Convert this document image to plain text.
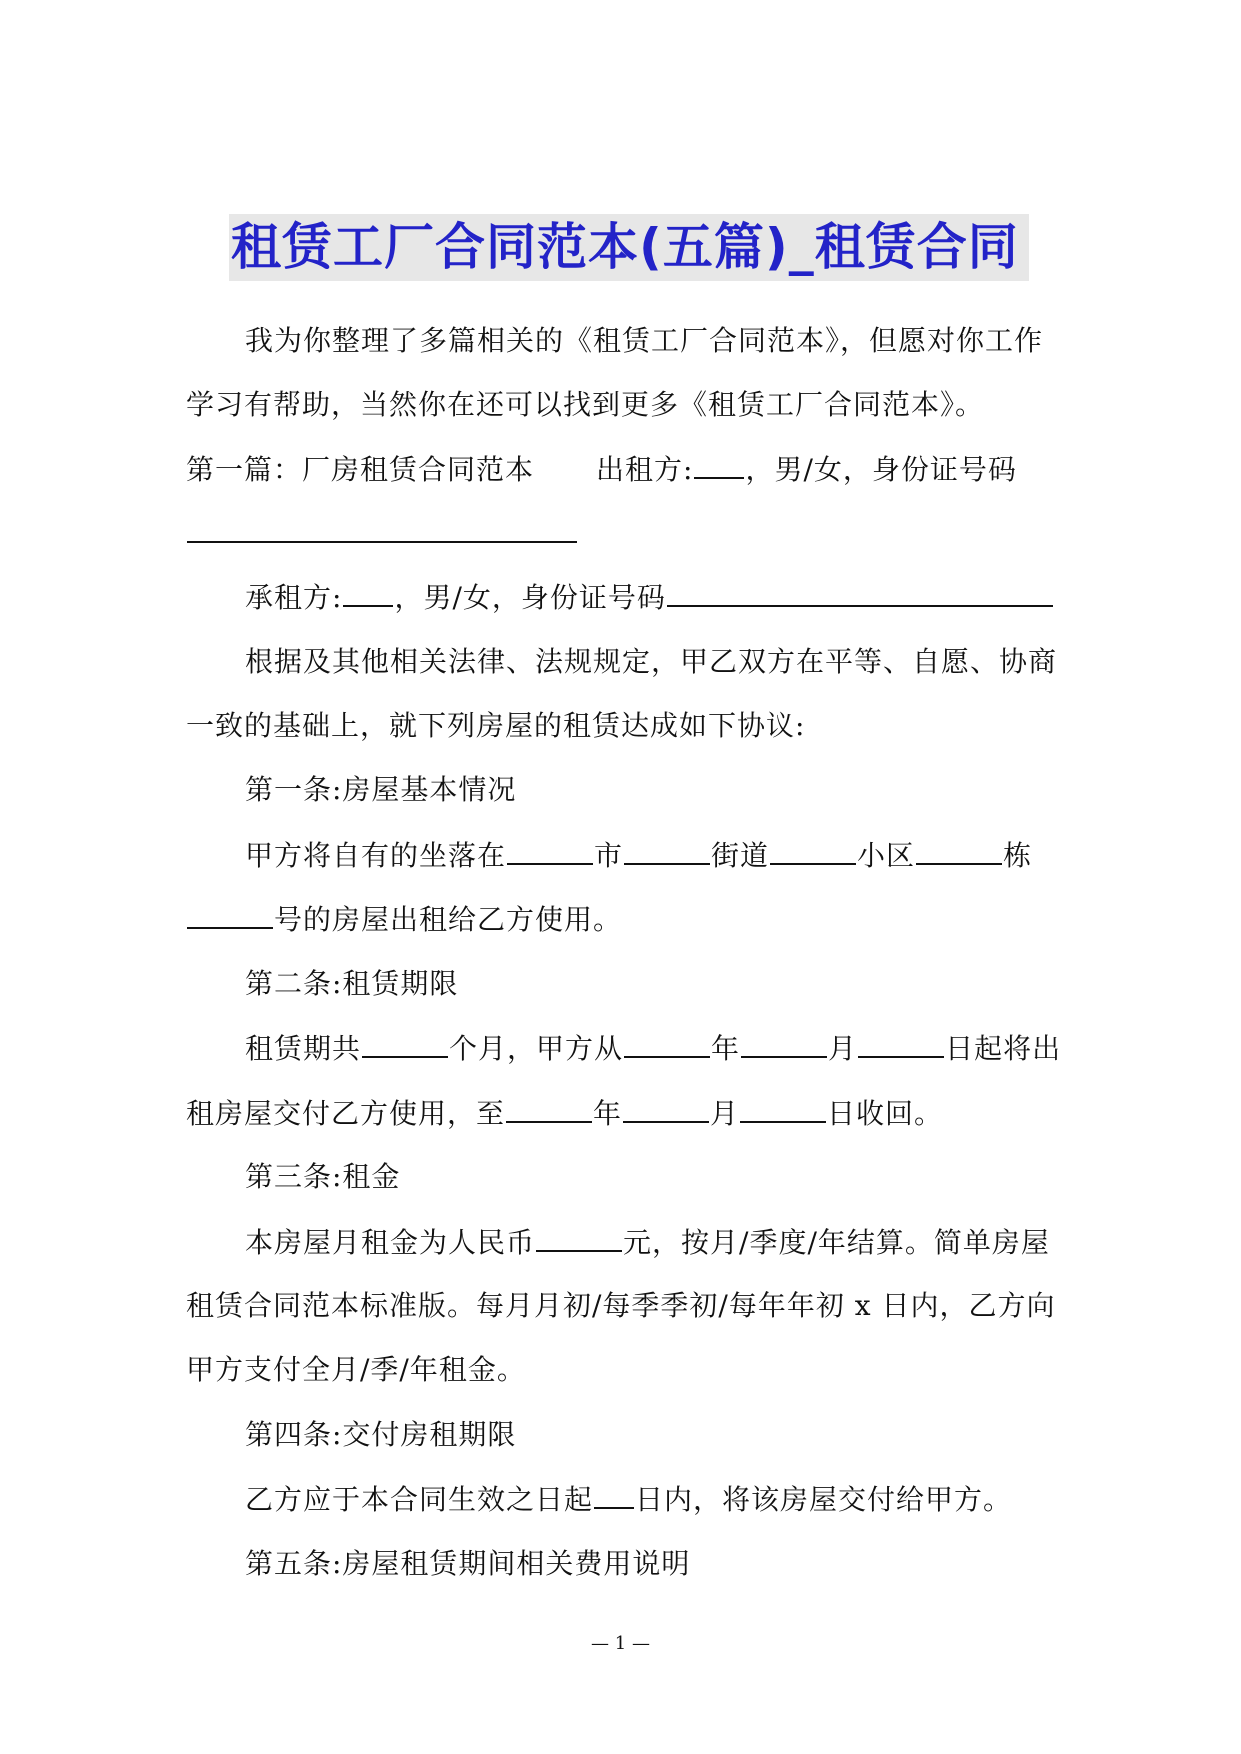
租赁工厂合同范本(五篇)_租赁合同
我为你整理了多篇相关的《租赁工厂合同范本》，但愿对你工作
学习有帮助，当然你在还可以找到更多《租赁工厂合同范本》。
第一篇：厂房租赁合同范本 出租方: ，男/女，身份证号码
承租方: ，男/女，身份证号码
根据及其他相关法律、法规规定，甲乙双方在平等、自愿、协商
一致的基础上，就下列房屋的租赁达成如下协议:
第一条:房屋基本情况
甲方将自有的坐落在	市	街道	小区	栋
号的房屋出租给乙方使用。
第二条:租赁期限
租赁期共	个月，甲方从	年	月	日起将出
租房屋交付乙方使用，至	年	月	日收回。
第三条:租金
本房屋月租金为人民币	元，按月/季度/年结算。简单房屋
租赁合同范本标准版。每月月初/每季季初/每年年初 x 日内，乙方向
甲方支付全月/季/年租金。
第四条:交付房租期限
乙方应于本合同生效之日起 日内，将该房屋交付给甲方。
第五条:房屋租赁期间相关费用说明
— 1 —
